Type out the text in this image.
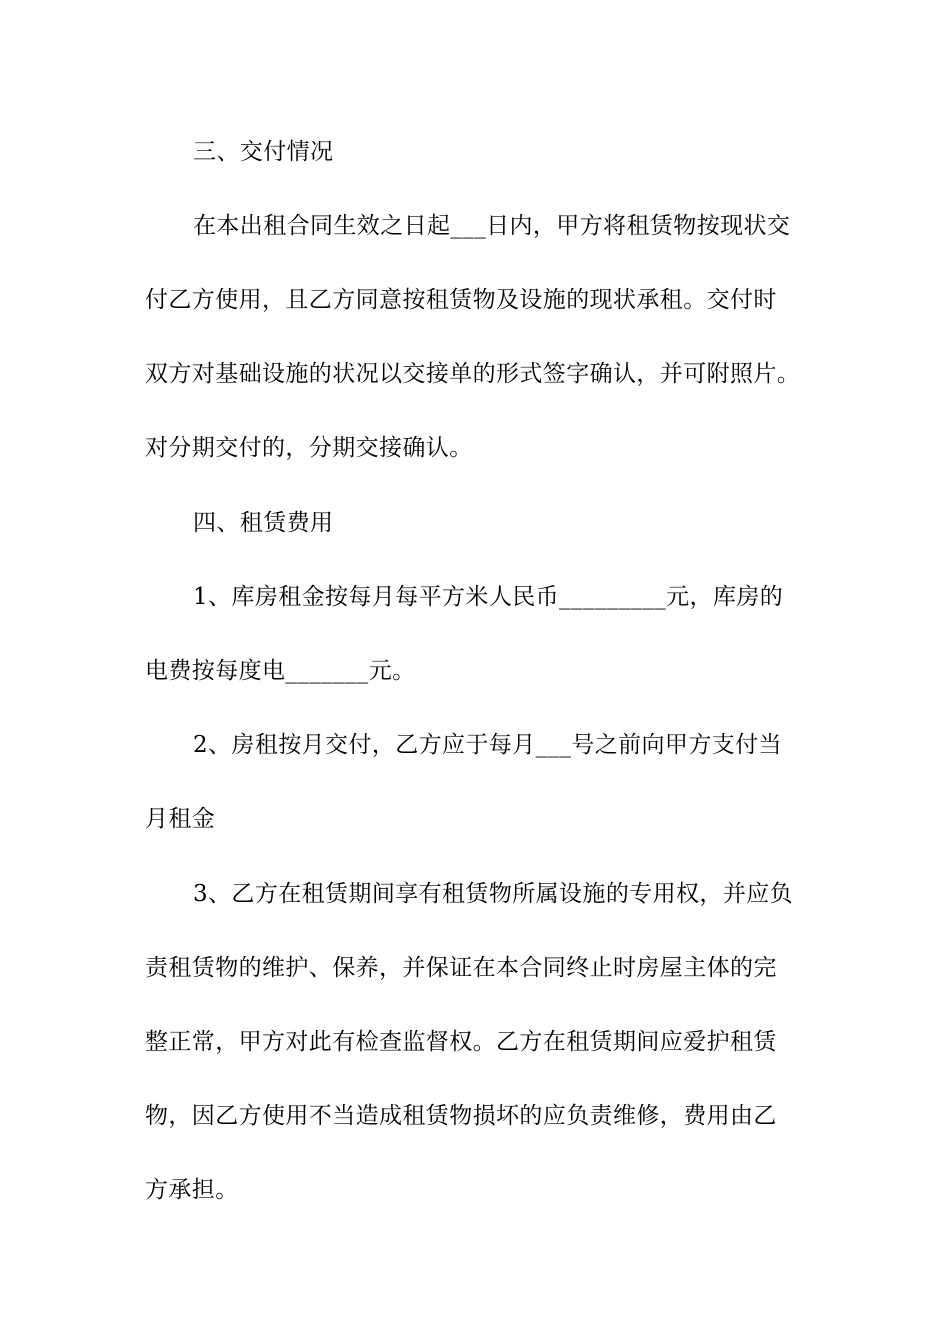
三、交付情况
在本出租合同生效之日起___日内，甲方将租赁物按现状交
付乙方使用，且乙方同意按租赁物及设施的现状承租。交付时
双方对基础设施的状况以交接单的形式签字确认，并可附照片。
对分期交付的，分期交接确认。
四、租赁费用
1、库房租金按每月每平方米人民币_________元，库房的
电费按每度电_______元。
2、房租按月交付，乙方应于每月___号之前向甲方支付当
月租金
3、乙方在租赁期间享有租赁物所属设施的专用权，并应负
责租赁物的维护、保养，并保证在本合同终止时房屋主体的完
整正常，甲方对此有检查监督权。乙方在租赁期间应爱护租赁
物，因乙方使用不当造成租赁物损坏的应负责维修，费用由乙
方承担。
